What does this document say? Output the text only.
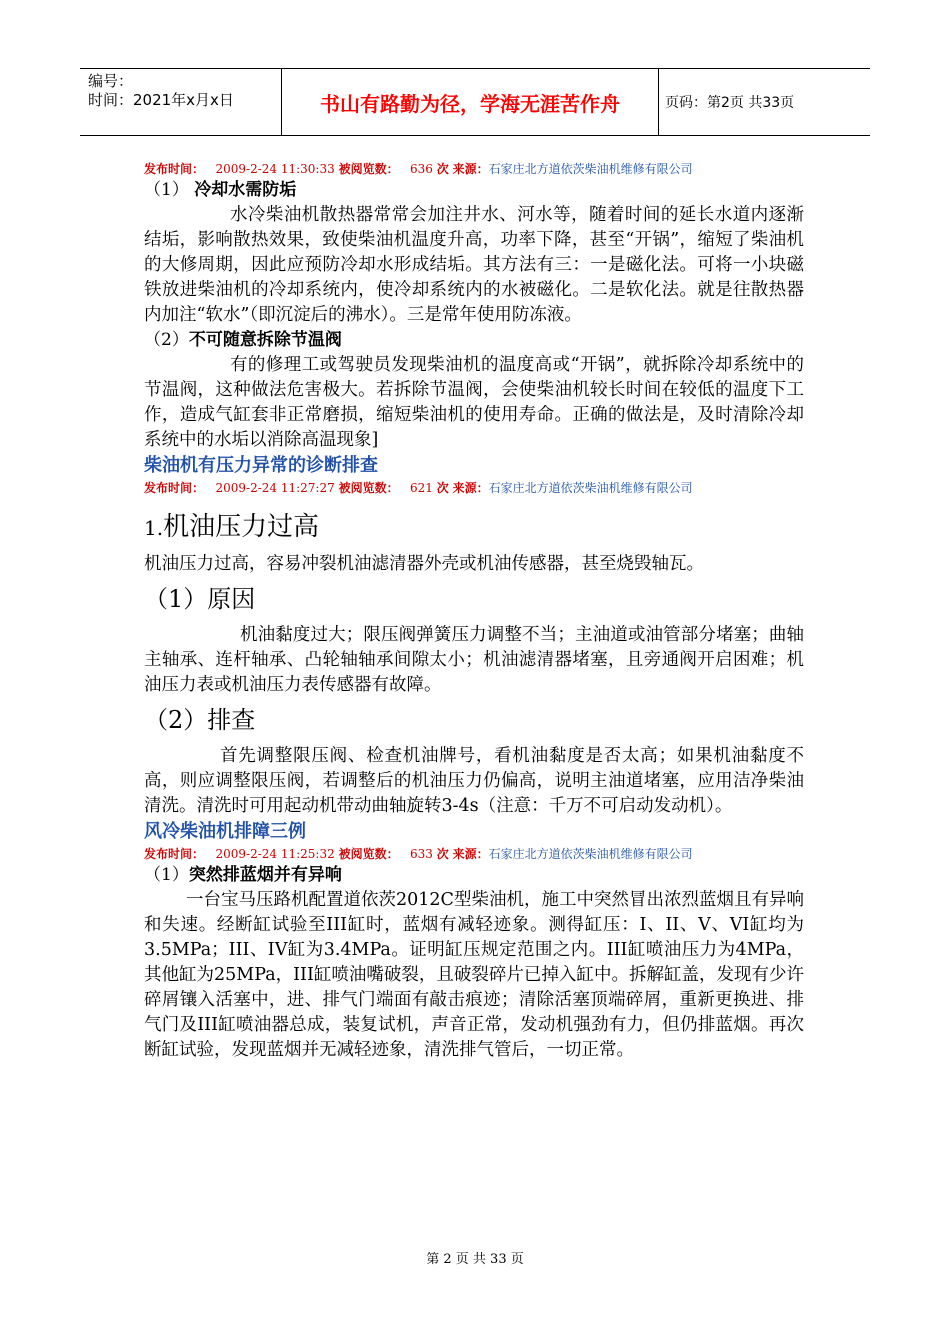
编号：
时间：2021年x月x日	书山有路勤为径，学海无涯苦作舟	页码：第2页 共33页
发布时间： 2009-2-24 11:30:33 被阅览数： 636 次 来源：石家庄北方道依茨柴油机维修有限公司
（1） 冷却水需防垢
水冷柴油机散热器常常会加注井水、河水等，随着时间的延长水道内逐渐结垢，影响散热效果，致使柴油机温度升高，功率下降，甚至“开锅”，缩短了柴油机的大修周期，因此应预防冷却水形成结垢。其方法有三：一是磁化法。可将一小块磁铁放进柴油机的冷却系统内，使冷却系统内的水被磁化。二是软化法。就是往散热器内加注“软水”（即沉淀后的沸水）。三是常年使用防冻液。
（2）不可随意拆除节温阀
有的修理工或驾驶员发现柴油机的温度高或“开锅”，就拆除冷却系统中的节温阀，这种做法危害极大。若拆除节温阀，会使柴油机较长时间在较低的温度下工作，造成气缸套非正常磨损，缩短柴油机的使用寿命。正确的做法是，及时清除冷却系统中的水垢以消除高温现象]
柴油机有压力异常的诊断排查
发布时间： 2009-2-24 11:27:27 被阅览数： 621 次 来源：石家庄北方道依茨柴油机维修有限公司
1.机油压力过高
机油压力过高，容易冲裂机油滤清器外壳或机油传感器，甚至烧毁轴瓦。
（1）原因
机油黏度过大；限压阀弹簧压力调整不当；主油道或油管部分堵塞；曲轴主轴承、连杆轴承、凸轮轴轴承间隙太小；机油滤清器堵塞，且旁通阀开启困难；机油压力表或机油压力表传感器有故障。
（2）排查
首先调整限压阀、检查机油牌号，看机油黏度是否太高；如果机油黏度不高，则应调整限压阀，若调整后的机油压力仍偏高，说明主油道堵塞，应用洁净柴油清洗。清洗时可用起动机带动曲轴旋转3-4s（注意：千万不可启动发动机）。
风冷柴油机排障三例
发布时间： 2009-2-24 11:25:32 被阅览数： 633 次 来源：石家庄北方道依茨柴油机维修有限公司
（1）突然排蓝烟并有异响
一台宝马压路机配置道依茨2012C型柴油机，施工中突然冒出浓烈蓝烟且有异响和失速。经断缸试验至III缸时，蓝烟有减轻迹象。测得缸压：I、II、V、VI缸均为3.5MPa；III、IV缸为3.4MPa。证明缸压规定范围之内。III缸喷油压力为4MPa，其他缸为25MPa，III缸喷油嘴破裂，且破裂碎片已掉入缸中。拆解缸盖，发现有少许碎屑镶入活塞中，进、排气门端面有敲击痕迹；清除活塞顶端碎屑，重新更换进、排气门及III缸喷油器总成，装复试机，声音正常，发动机强劲有力，但仍排蓝烟。再次断缸试验，发现蓝烟并无减轻迹象，清洗排气管后，一切正常。
第 2 页 共 33 页
